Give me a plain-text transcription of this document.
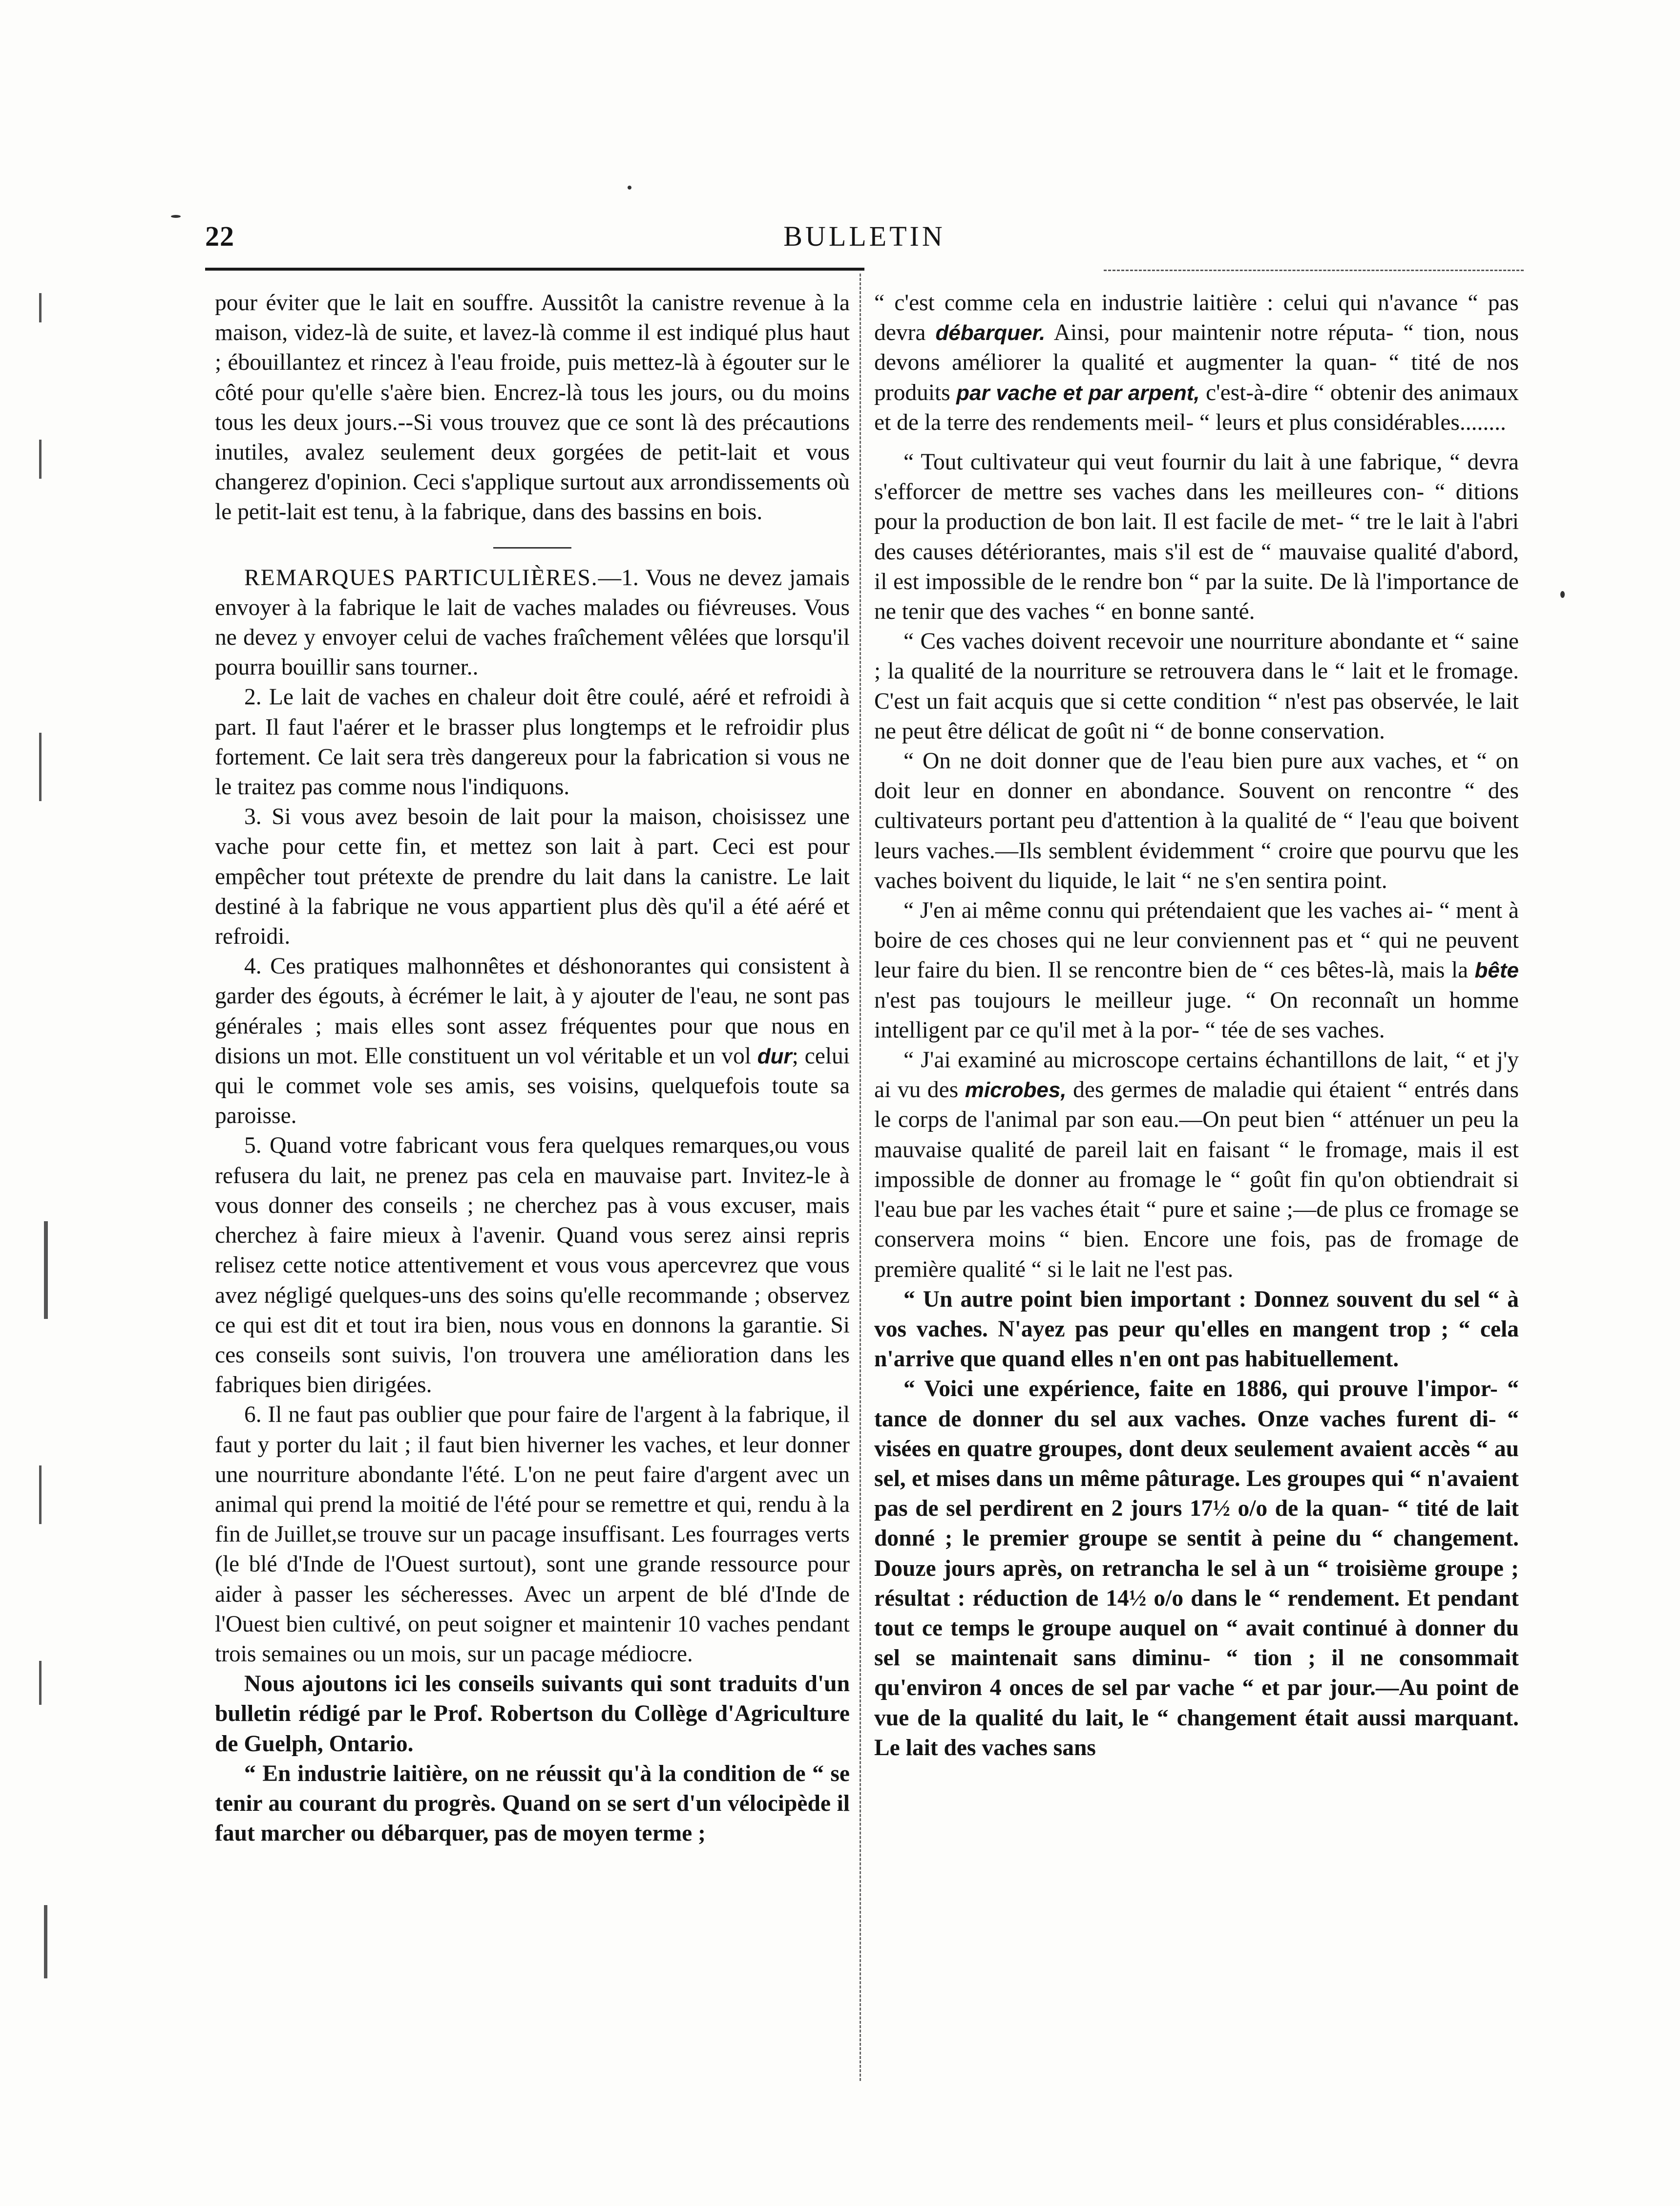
22	BULLETIN

pour éviter que le lait en souffre. Aussitôt la canistre revenue à la maison, videz-là de suite, et lavez-là comme il est indiqué plus haut ; ébouillantez et rincez à l'eau froide, puis mettez-là à égouter sur le côté pour qu'elle s'aère bien. Encrez-là tous les jours, ou du moins tous les deux jours.--Si vous trouvez que ce sont là des précautions inutiles, avalez seulement deux gorgées de petit-lait et vous changerez d'opinion. Ceci s'applique surtout aux arrondissements où le petit-lait est tenu, à la fabrique, dans des bassins en bois.

REMARQUES PARTICULIÈRES.—1. Vous ne devez jamais envoyer à la fabrique le lait de vaches malades ou fiévreuses. Vous ne devez y envoyer celui de vaches fraîchement vêlées que lorsqu'il pourra bouillir sans tourner..

2. Le lait de vaches en chaleur doit être coulé, aéré et refroidi à part. Il faut l'aérer et le brasser plus longtemps et le refroidir plus fortement. Ce lait sera très dangereux pour la fabrication si vous ne le traitez pas comme nous l'indiquons.

3. Si vous avez besoin de lait pour la maison, choisissez une vache pour cette fin, et mettez son lait à part. Ceci est pour empêcher tout prétexte de prendre du lait dans la canistre. Le lait destiné à la fabrique ne vous appartient plus dès qu'il a été aéré et refroidi.

4. Ces pratiques malhonnêtes et déshonorantes qui consistent à garder des égouts, à écrémer le lait, à y ajouter de l'eau, ne sont pas générales ; mais elles sont assez fréquentes pour que nous en disions un mot. Elle constituent un vol véritable et un vol dur; celui qui le commet vole ses amis, ses voisins, quelquefois toute sa paroisse.

5. Quand votre fabricant vous fera quelques remarques,ou vous refusera du lait, ne prenez pas cela en mauvaise part. Invitez-le à vous donner des conseils ; ne cherchez pas à vous excuser, mais cherchez à faire mieux à l'avenir. Quand vous serez ainsi repris relisez cette notice attentivement et vous vous apercevrez que vous avez négligé quelques-uns des soins qu'elle recommande ; observez ce qui est dit et tout ira bien, nous vous en donnons la garantie. Si ces conseils sont suivis, l'on trouvera une amélioration dans les fabriques bien dirigées.

6. Il ne faut pas oublier que pour faire de l'argent à la fabrique, il faut y porter du lait ; il faut bien hiverner les vaches, et leur donner une nourriture abondante l'été. L'on ne peut faire d'argent avec un animal qui prend la moitié de l'été pour se remettre et qui, rendu à la fin de Juillet,se trouve sur un pacage insuffisant. Les fourrages verts (le blé d'Inde de l'Ouest surtout), sont une grande ressource pour aider à passer les sécheresses. Avec un arpent de blé d'Inde de l'Ouest bien cultivé, on peut soigner et maintenir 10 vaches pendant trois semaines ou un mois, sur un pacage médiocre.

Nous ajoutons ici les conseils suivants qui sont traduits d'un bulletin rédigé par le Prof. Robertson du Collège d'Agriculture de Guelph, Ontario.

“ En industrie laitière, on ne réussit qu'à la condition de “ se tenir au courant du progrès. Quand on se sert d'un vélocipède il faut marcher ou débarquer, pas de moyen terme ;

“ c'est comme cela en industrie laitière : celui qui n'avance “ pas devra débarquer. Ainsi, pour maintenir notre réputa- “ tion, nous devons améliorer la qualité et augmenter la quan- “ tité de nos produits par vache et par arpent, c'est-à-dire “ obtenir des animaux et de la terre des rendements meil- “ leurs et plus considérables........

“ Tout cultivateur qui veut fournir du lait à une fabrique, “ devra s'efforcer de mettre ses vaches dans les meilleures con- “ ditions pour la production de bon lait. Il est facile de met- “ tre le lait à l'abri des causes détériorantes, mais s'il est de “ mauvaise qualité d'abord, il est impossible de le rendre bon “ par la suite. De là l'importance de ne tenir que des vaches “ en bonne santé.

“ Ces vaches doivent recevoir une nourriture abondante et “ saine ; la qualité de la nourriture se retrouvera dans le “ lait et le fromage. C'est un fait acquis que si cette condition “ n'est pas observée, le lait ne peut être délicat de goût ni “ de bonne conservation.

“ On ne doit donner que de l'eau bien pure aux vaches, et “ on doit leur en donner en abondance. Souvent on rencontre “ des cultivateurs portant peu d'attention à la qualité de “ l'eau que boivent leurs vaches.—Ils semblent évidemment “ croire que pourvu que les vaches boivent du liquide, le lait “ ne s'en sentira point.

“ J'en ai même connu qui prétendaient que les vaches ai- “ ment à boire de ces choses qui ne leur conviennent pas et “ qui ne peuvent leur faire du bien. Il se rencontre bien de “ ces bêtes-là, mais la bête n'est pas toujours le meilleur juge. “ On reconnaît un homme intelligent par ce qu'il met à la por- “ tée de ses vaches.

“ J'ai examiné au microscope certains échantillons de lait, “ et j'y ai vu des microbes, des germes de maladie qui étaient “ entrés dans le corps de l'animal par son eau.—On peut bien “ atténuer un peu la mauvaise qualité de pareil lait en faisant “ le fromage, mais il est impossible de donner au fromage le “ goût fin qu'on obtiendrait si l'eau bue par les vaches était “ pure et saine ;—de plus ce fromage se conservera moins “ bien. Encore une fois, pas de fromage de première qualité “ si le lait ne l'est pas.

“ Un autre point bien important : Donnez souvent du sel “ à vos vaches. N'ayez pas peur qu'elles en mangent trop ; “ cela n'arrive que quand elles n'en ont pas habituellement.

“ Voici une expérience, faite en 1886, qui prouve l'impor- “ tance de donner du sel aux vaches. Onze vaches furent di- “ visées en quatre groupes, dont deux seulement avaient accès “ au sel, et mises dans un même pâturage. Les groupes qui “ n'avaient pas de sel perdirent en 2 jours 17½ o/o de la quan- “ tité de lait donné ; le premier groupe se sentit à peine du “ changement. Douze jours après, on retrancha le sel à un “ troisième groupe ; résultat : réduction de 14½ o/o dans le “ rendement. Et pendant tout ce temps le groupe auquel on “ avait continué à donner du sel se maintenait sans diminu- “ tion ; il ne consommait qu'environ 4 onces de sel par vache “ et par jour.—Au point de vue de la qualité du lait, le “ changement était aussi marquant. Le lait des vaches sans
